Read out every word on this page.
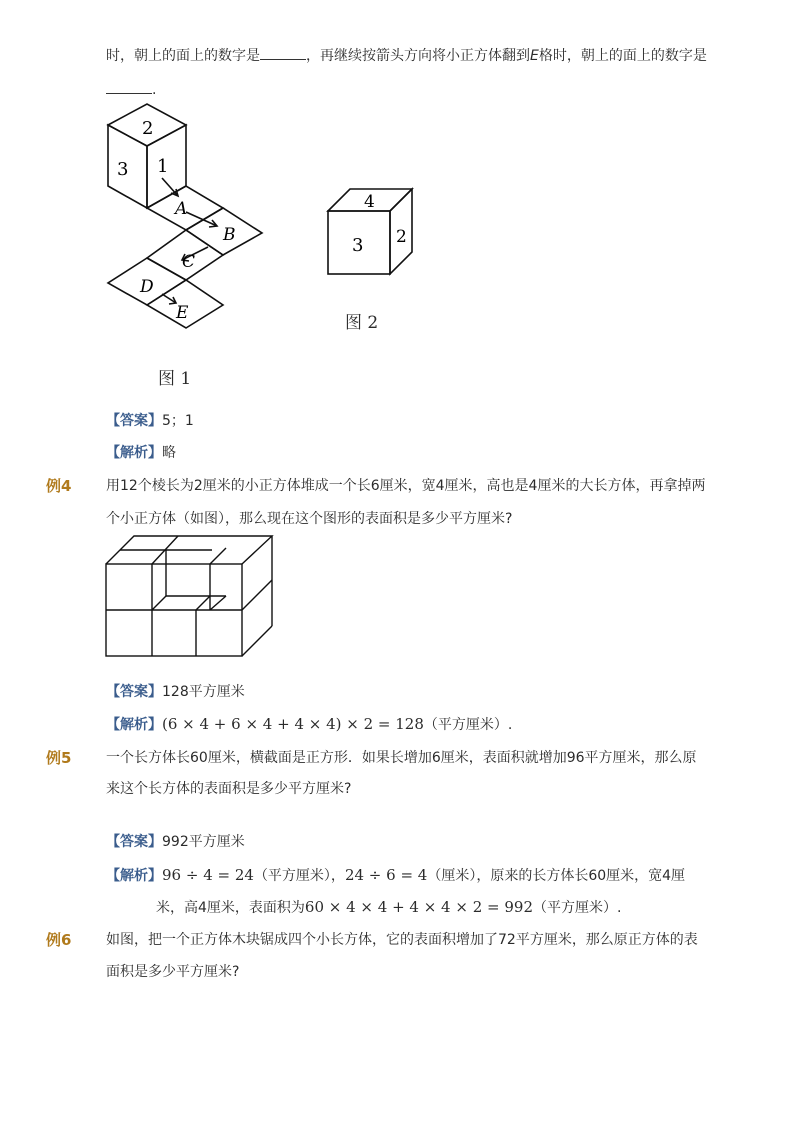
时，朝上的面上的数字是	，再继续按箭头方向将小正方体翻到E格时，朝上的面上的数字是
.
2
3 1
A
B
C
D
E
图 1
4
3 2
图 2
【答案】5；1
【解析】略
例4 用12个棱长为2厘米的小正方体堆成一个长6厘米，宽4厘米，高也是4厘米的大长方体，再拿掉两
个小正方体（如图），那么现在这个图形的表面积是多少平方厘米?
【答案】128平方厘米
【解析】(6 × 4 + 6 × 4 + 4 × 4) × 2 = 128（平方厘米）.
例5 一个长方体长60厘米，横截面是正方形．如果长增加6厘米，表面积就增加96平方厘米，那么原
来这个长方体的表面积是多少平方厘米?
【答案】992平方厘米
【解析】96 ÷ 4 = 24（平方厘米），24 ÷ 6 = 4（厘米），原来的长方体长60厘米，宽4厘
米，高4厘米，表面积为60 × 4 × 4 + 4 × 4 × 2 = 992（平方厘米）.
例6 如图，把一个正方体木块锯成四个小长方体，它的表面积增加了72平方厘米，那么原正方体的表
面积是多少平方厘米?
